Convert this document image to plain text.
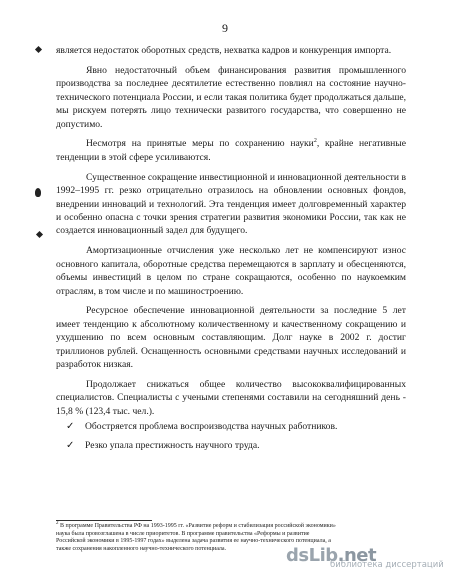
9

является недостаток оборотных средств, нехватка кадров и конкуренция импорта.

Явно недостаточный объем финансирования развития промышленного производства за последнее десятилетие естественно повлиял на состояние научно-технического потенциала России, и если такая политика будет продолжаться дальше, мы рискуем потерять лицо технически развитого государства, что совершенно не допустимо.

Несмотря на принятые меры по сохранению науки$^2$, крайне негативные тенденции в этой сфере усиливаются.

Существенное сокращение инвестиционной и инновационной деятельности в 1992–1995 гг. резко отрицательно отразилось на обновлении основных фондов, внедрении инноваций и технологий. Эта тенденция имеет долговременный характер и особенно опасна с точки зрения стратегии развития экономики России, так как не создается инновационный задел для будущего.

Амортизационные отчисления уже несколько лет не компенсируют износ основного капитала, оборотные средства перемещаются в зарплату и обесценяются, объемы инвестиций в целом по стране сокращаются, особенно по наукоемким отраслям, в том числе и по машиностроению.

Ресурсное обеспечение инновационной деятельности за последние 5 лет имеет тенденцию к абсолютному количественному и качественному сокращению и ухудшению по всем основным составляющим. Долг науке в 2002 г. достиг триллионов рублей. Оснащенность основными средствами научных исследований и разработок низкая.

Продолжает снижаться общее количество высококвалифицированных специалистов. Специалисты с учеными степенями составили на сегодняшний день - 15,8 % (123,4 тыс. чел.).

✓ Обостряется проблема воспроизводства научных работников.
✓ Резко упала престижность научного труда.
$^2$ В программе Правительства РФ на 1993-1995 гг. «Развитие реформ и стабилизация российской экономики» наука была провозглашена в числе приоритетов. В программе правительства «Реформы и развитие Российской экономики в 1995-1997 годах» выделена задача развития ее научно-технического потенциала, а также сохранения накопленного научно-технического потенциала.	dsLib.net
библиотека диссертаций
